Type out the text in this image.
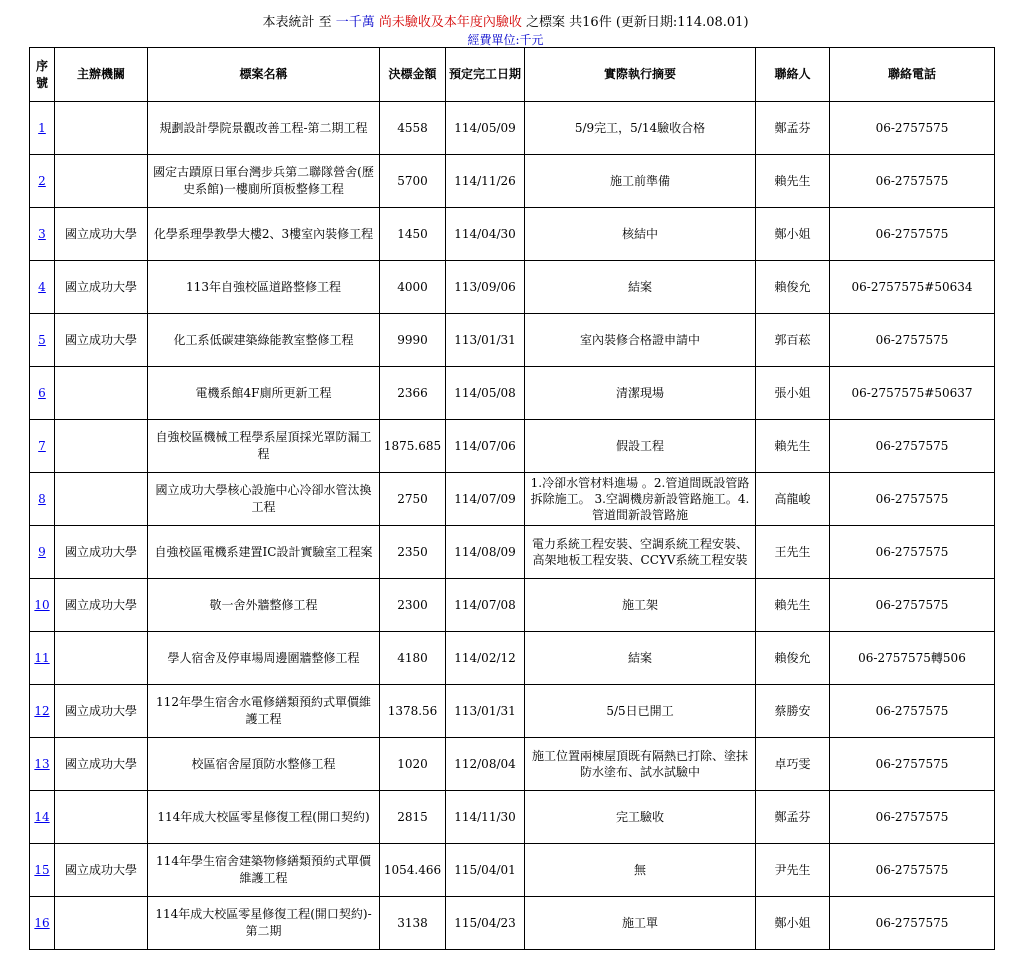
本表統計 至 一千萬 尚未驗收及本年度內驗收 之標案 共16件 (更新日期:114.08.01)
經費單位:千元
序號	主辦機關	標案名稱	決標金額	預定完工日期	實際執行摘要	聯絡人	聯絡電話
1		規劃設計學院景觀改善工程-第二期工程	4558	114/05/09	5/9完工，5/14驗收合格	鄭孟芬	06-2757575
2		國定古蹟原日軍台灣步兵第二聯隊營舍(歷史系館)一樓廁所頂板整修工程	5700	114/11/26	施工前準備	賴先生	06-2757575
3	國立成功大學	化學系理學教學大樓2、3樓室內裝修工程	1450	114/04/30	核結中	鄭小姐	06-2757575
4	國立成功大學	113年自強校區道路整修工程	4000	113/09/06	結案	賴俊允	06-2757575#50634
5	國立成功大學	化工系低碳建築綠能教室整修工程	9990	113/01/31	室內裝修合格證申請中	郭百菘	06-2757575
6		電機系館4F廁所更新工程	2366	114/05/08	清潔現場	張小姐	06-2757575#50637
7		自強校區機械工程學系屋頂採光罩防漏工程	1875.685	114/07/06	假設工程	賴先生	06-2757575
8		國立成功大學核心設施中心冷卻水管汰換工程	2750	114/07/09	1.冷卻水管材料進場 。2.管道間既設管路拆除施工。 3.空調機房新設管路施工。4.管道間新設管路施	高龍峻	06-2757575
9	國立成功大學	自強校區電機系建置IC設計實驗室工程案	2350	114/08/09	電力系統工程安裝、空調系統工程安裝、高架地板工程安裝、CCYV系統工程安裝	王先生	06-2757575
10	國立成功大學	敬一舍外牆整修工程	2300	114/07/08	施工架	賴先生	06-2757575
11		學人宿舍及停車場周邊圍牆整修工程	4180	114/02/12	結案	賴俊允	06-2757575轉506
12	國立成功大學	112年學生宿舍水電修繕類預約式單價維護工程	1378.56	113/01/31	5/5日已開工	蔡勝安	06-2757575
13	國立成功大學	校區宿舍屋頂防水整修工程	1020	112/08/04	施工位置兩棟屋頂既有隔熱已打除、塗抹防水塗布、試水試驗中	卓巧雯	06-2757575
14		114年成大校區零星修復工程(開口契約)	2815	114/11/30	完工驗收	鄭孟芬	06-2757575
15	國立成功大學	114年學生宿舍建築物修繕類預約式單價維護工程	1054.466	115/04/01	無	尹先生	06-2757575
16		114年成大校區零星修復工程(開口契約)-第二期	3138	115/04/23	施工單	鄭小姐	06-2757575
